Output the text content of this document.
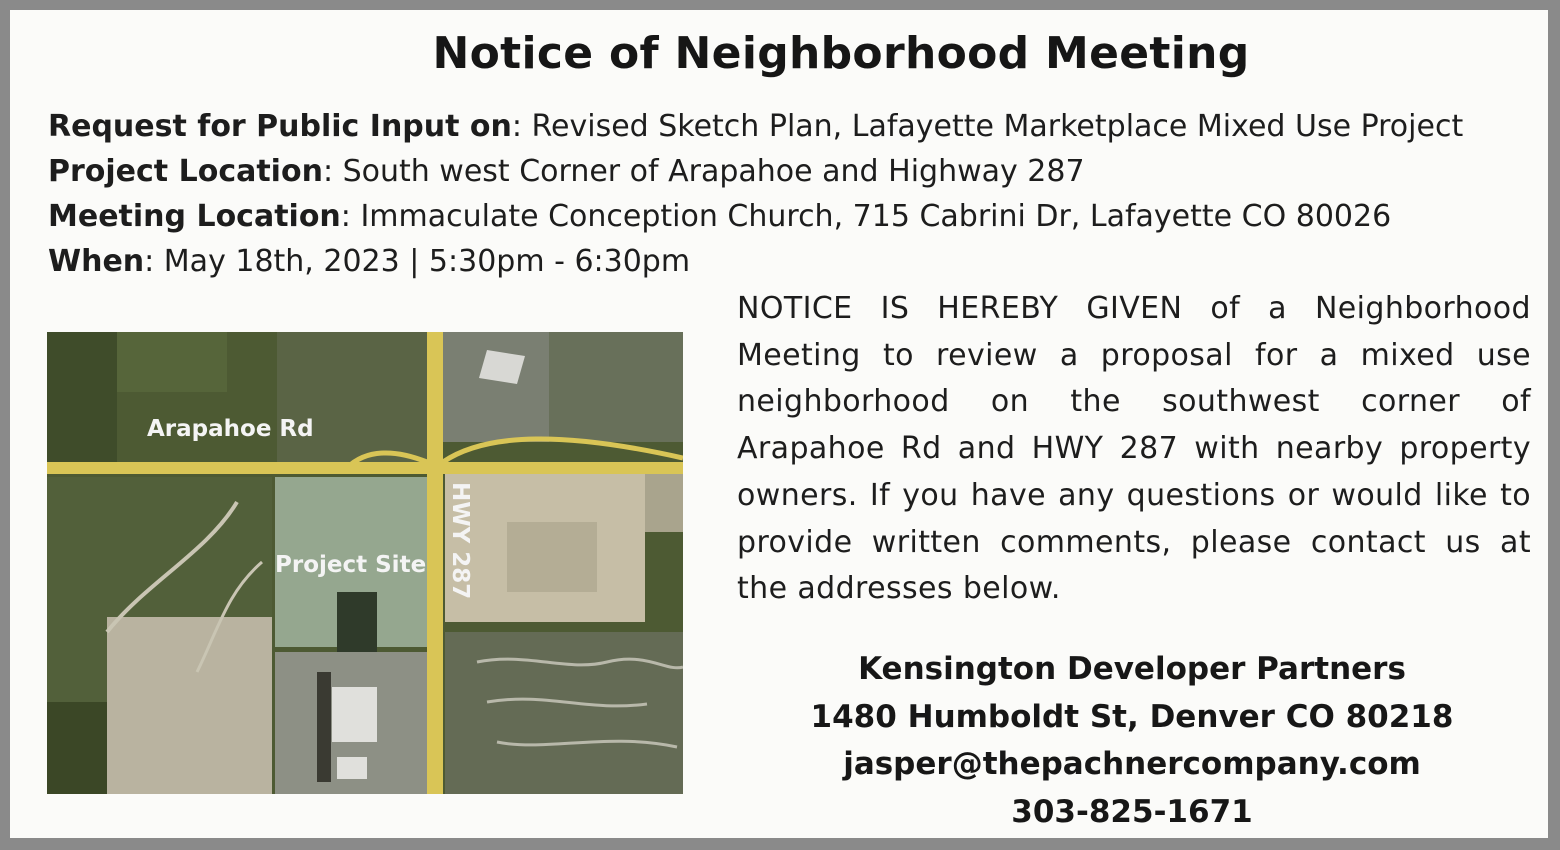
Notice of Neighborhood Meeting
Request for Public Input on: Revised Sketch Plan, Lafayette Marketplace Mixed Use Project
Project Location: South west Corner of Arapahoe and Highway 287
Meeting Location: Immaculate Conception Church, 715 Cabrini Dr, Lafayette CO 80026
When: May 18th, 2023 | 5:30pm - 6:30pm
Arapahoe Rd
Project Site HWY 287
NOTICE IS HEREBY GIVEN of a Neighborhood Meeting to review a proposal for a mixed use neighborhood on the southwest corner of Arapahoe Rd and HWY 287 with nearby property owners. If you have any questions or would like to provide written comments, please contact us at the addresses below.
Kensington Developer Partners
1480 Humboldt St, Denver CO 80218
jasper@thepachnercompany.com
303-825-1671
